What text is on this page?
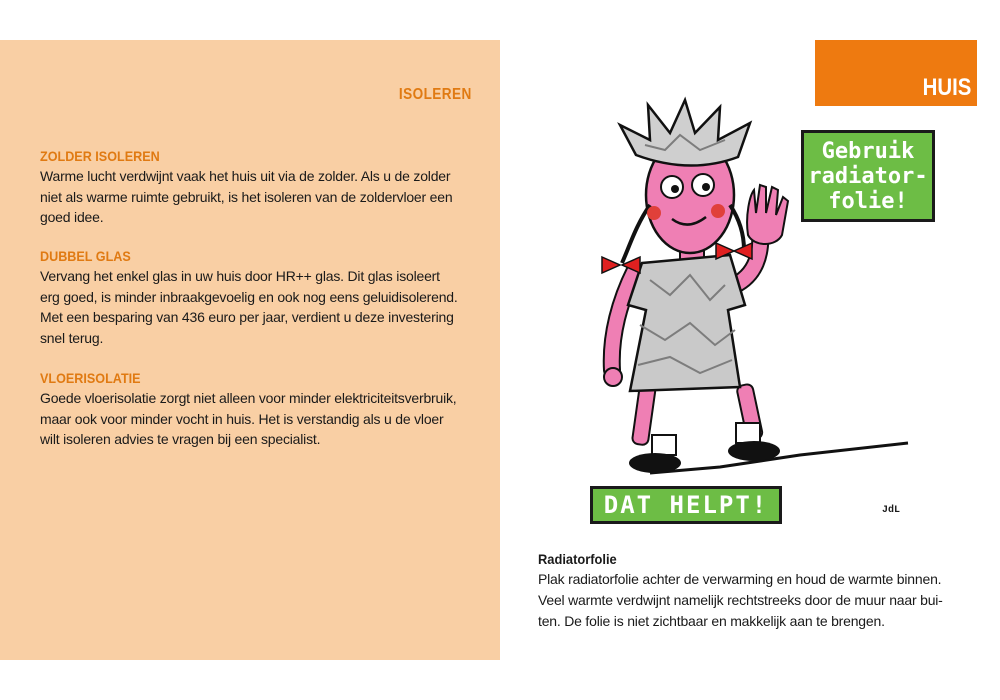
ISOLEREN
ZOLDER ISOLEREN
Warme lucht verdwijnt vaak het huis uit via de zolder. Als u de zolder
niet als warme ruimte gebruikt, is het isoleren van de zoldervloer een
goed idee.
DUBBEL GLAS
Vervang het enkel glas in uw huis door HR++ glas. Dit glas isoleert
erg goed, is minder inbraakgevoelig en ook nog eens geluidisolerend.
Met een besparing van 436 euro per jaar, verdient u deze investering
snel terug.
VLOERISOLATIE
Goede vloerisolatie zorgt niet alleen voor minder elektriciteitsverbruik,
maar ook voor minder vocht in huis. Het is verstandig als u de vloer
wilt isoleren advies te vragen bij een specialist.
HUIS
Gebruik
radiator-
folie!
DAT HELPT!	JdL
Radiatorfolie
Plak radiatorfolie achter de verwarming en houd de warmte binnen.
Veel warmte verdwijnt namelijk rechtstreeks door de muur naar bui-
ten. De folie is niet zichtbaar en makkelijk aan te brengen.
